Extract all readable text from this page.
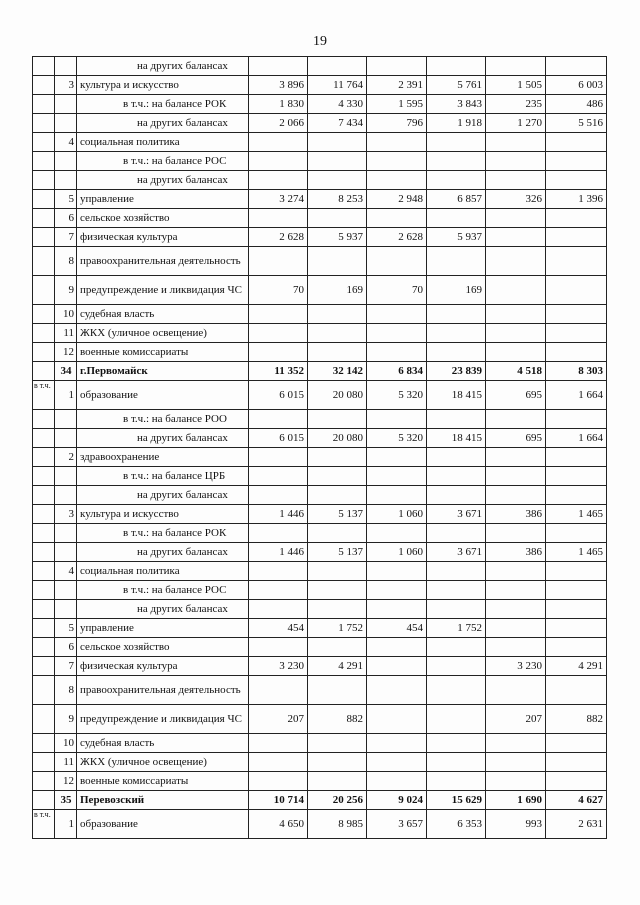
19
		на других балансах						
	3	культура и искусство	3 896	11 764	2 391	5 761	1 505	6 003
		в т.ч.: на балансе РОК	1 830	4 330	1 595	3 843	235	486
		на других балансах	2 066	7 434	796	1 918	1 270	5 516
	4	социальная политика						
		в т.ч.: на балансе РОС						
		на других балансах						
	5	управление	3 274	8 253	2 948	6 857	326	1 396
	6	сельское хозяйство						
	7	физическая культура	2 628	5 937	2 628	5 937		
	8	правоохранительная деятельность						
	9	предупреждение и ликвидация ЧС	70	169	70	169		
	10	судебная власть						
	11	ЖКХ (уличное освещение)						
	12	военные комиссариаты						
	34	г.Первомайск	11 352	32 142	6 834	23 839	4 518	8 303
в т.ч.	1	образование	6 015	20 080	5 320	18 415	695	1 664
		в т.ч.: на балансе РОО						
		на других балансах	6 015	20 080	5 320	18 415	695	1 664
	2	здравоохранение						
		в т.ч.: на балансе ЦРБ						
		на других балансах						
	3	культура и искусство	1 446	5 137	1 060	3 671	386	1 465
		в т.ч.: на балансе РОК						
		на других балансах	1 446	5 137	1 060	3 671	386	1 465
	4	социальная политика						
		в т.ч.: на балансе РОС						
		на других балансах						
	5	управление	454	1 752	454	1 752		
	6	сельское хозяйство						
	7	физическая культура	3 230	4 291			3 230	4 291
	8	правоохранительная деятельность						
	9	предупреждение и ликвидация ЧС	207	882			207	882
	10	судебная власть						
	11	ЖКХ (уличное освещение)						
	12	военные комиссариаты						
	35	Перевозский	10 714	20 256	9 024	15 629	1 690	4 627
в т.ч.	1	образование	4 650	8 985	3 657	6 353	993	2 631
